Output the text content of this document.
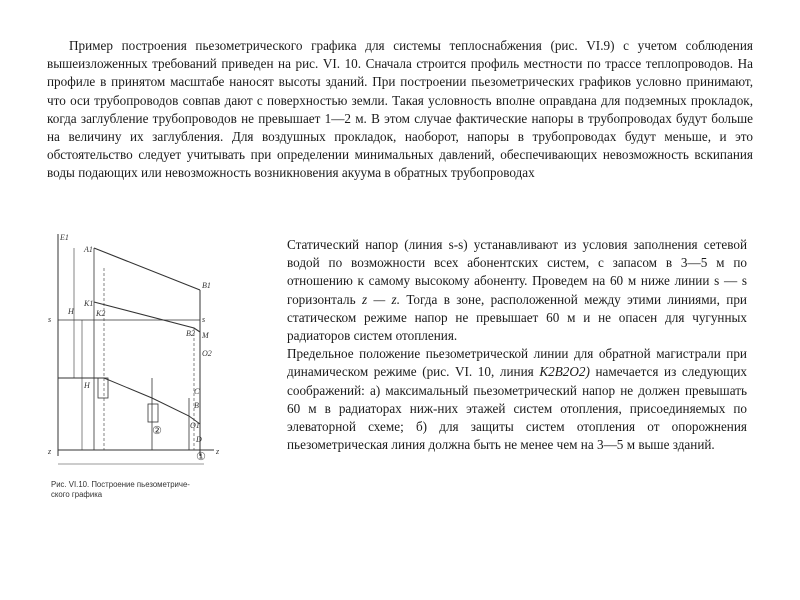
Пример построения пьезометрического графика для системы теплоснабжения (рис. VI.9) с учетом соблюдения вышеизложенных требований приведен на рис. VI. 10. Сначала строится профиль местности по трассе теплопроводов. На профиле в принятом масштабе наносят высоты зданий. При построении пьезометрических графиков условно принимают, что оси трубопроводов совпав дают с поверхностью земли. Такая условность вполне оправдана для подземных прокладок, когда заглубление трубопроводов не превышает 1—2 м. В этом случае фактические напоры в трубопроводах будут больше на величину их заглубления. Для воздушных прокладок, наоборот, напоры в трубопроводах будут меньше, и это обстоятельство следует учитывать при определении минимальных давлений, обеспечивающих невозможность вскипания воды подающих или невозможность возникновения акуума в обратных трубопроводах

E1
A1
B1
s	s
K1
M
B2
O2
K2
C
B
O1
D
z	z
H
H
②
①

Рис. VI.10. Построение пьезометриче-
ского графика

Статический напор (линия s-s) устанавливают из условия заполнения сетевой водой по возможности всех абонентских систем, с запасом в 3—5 м по отношению к самому высокому абоненту. Проведем на 60 м ниже линии s — s горизонталь z — z. Тогда в зоне, расположенной между этими линиями, при статическом режиме напор не превышает 60 м и не опасен для чугунных радиаторов систем отопления.

Предельное положение пьезометрической линии для обратной магистрали при динамическом режиме (рис. VI. 10, линия K2B2O2) намечается из следующих соображений: а) максимальный пьезометрический напор не должен превышать 60 м в радиаторах ниж-них этажей систем отопления, присоединяемых по элеваторной схеме; б) для защиты систем отопления от опорожнения пьезометрическая линия должна быть не менее чем на 3—5 м выше зданий.
